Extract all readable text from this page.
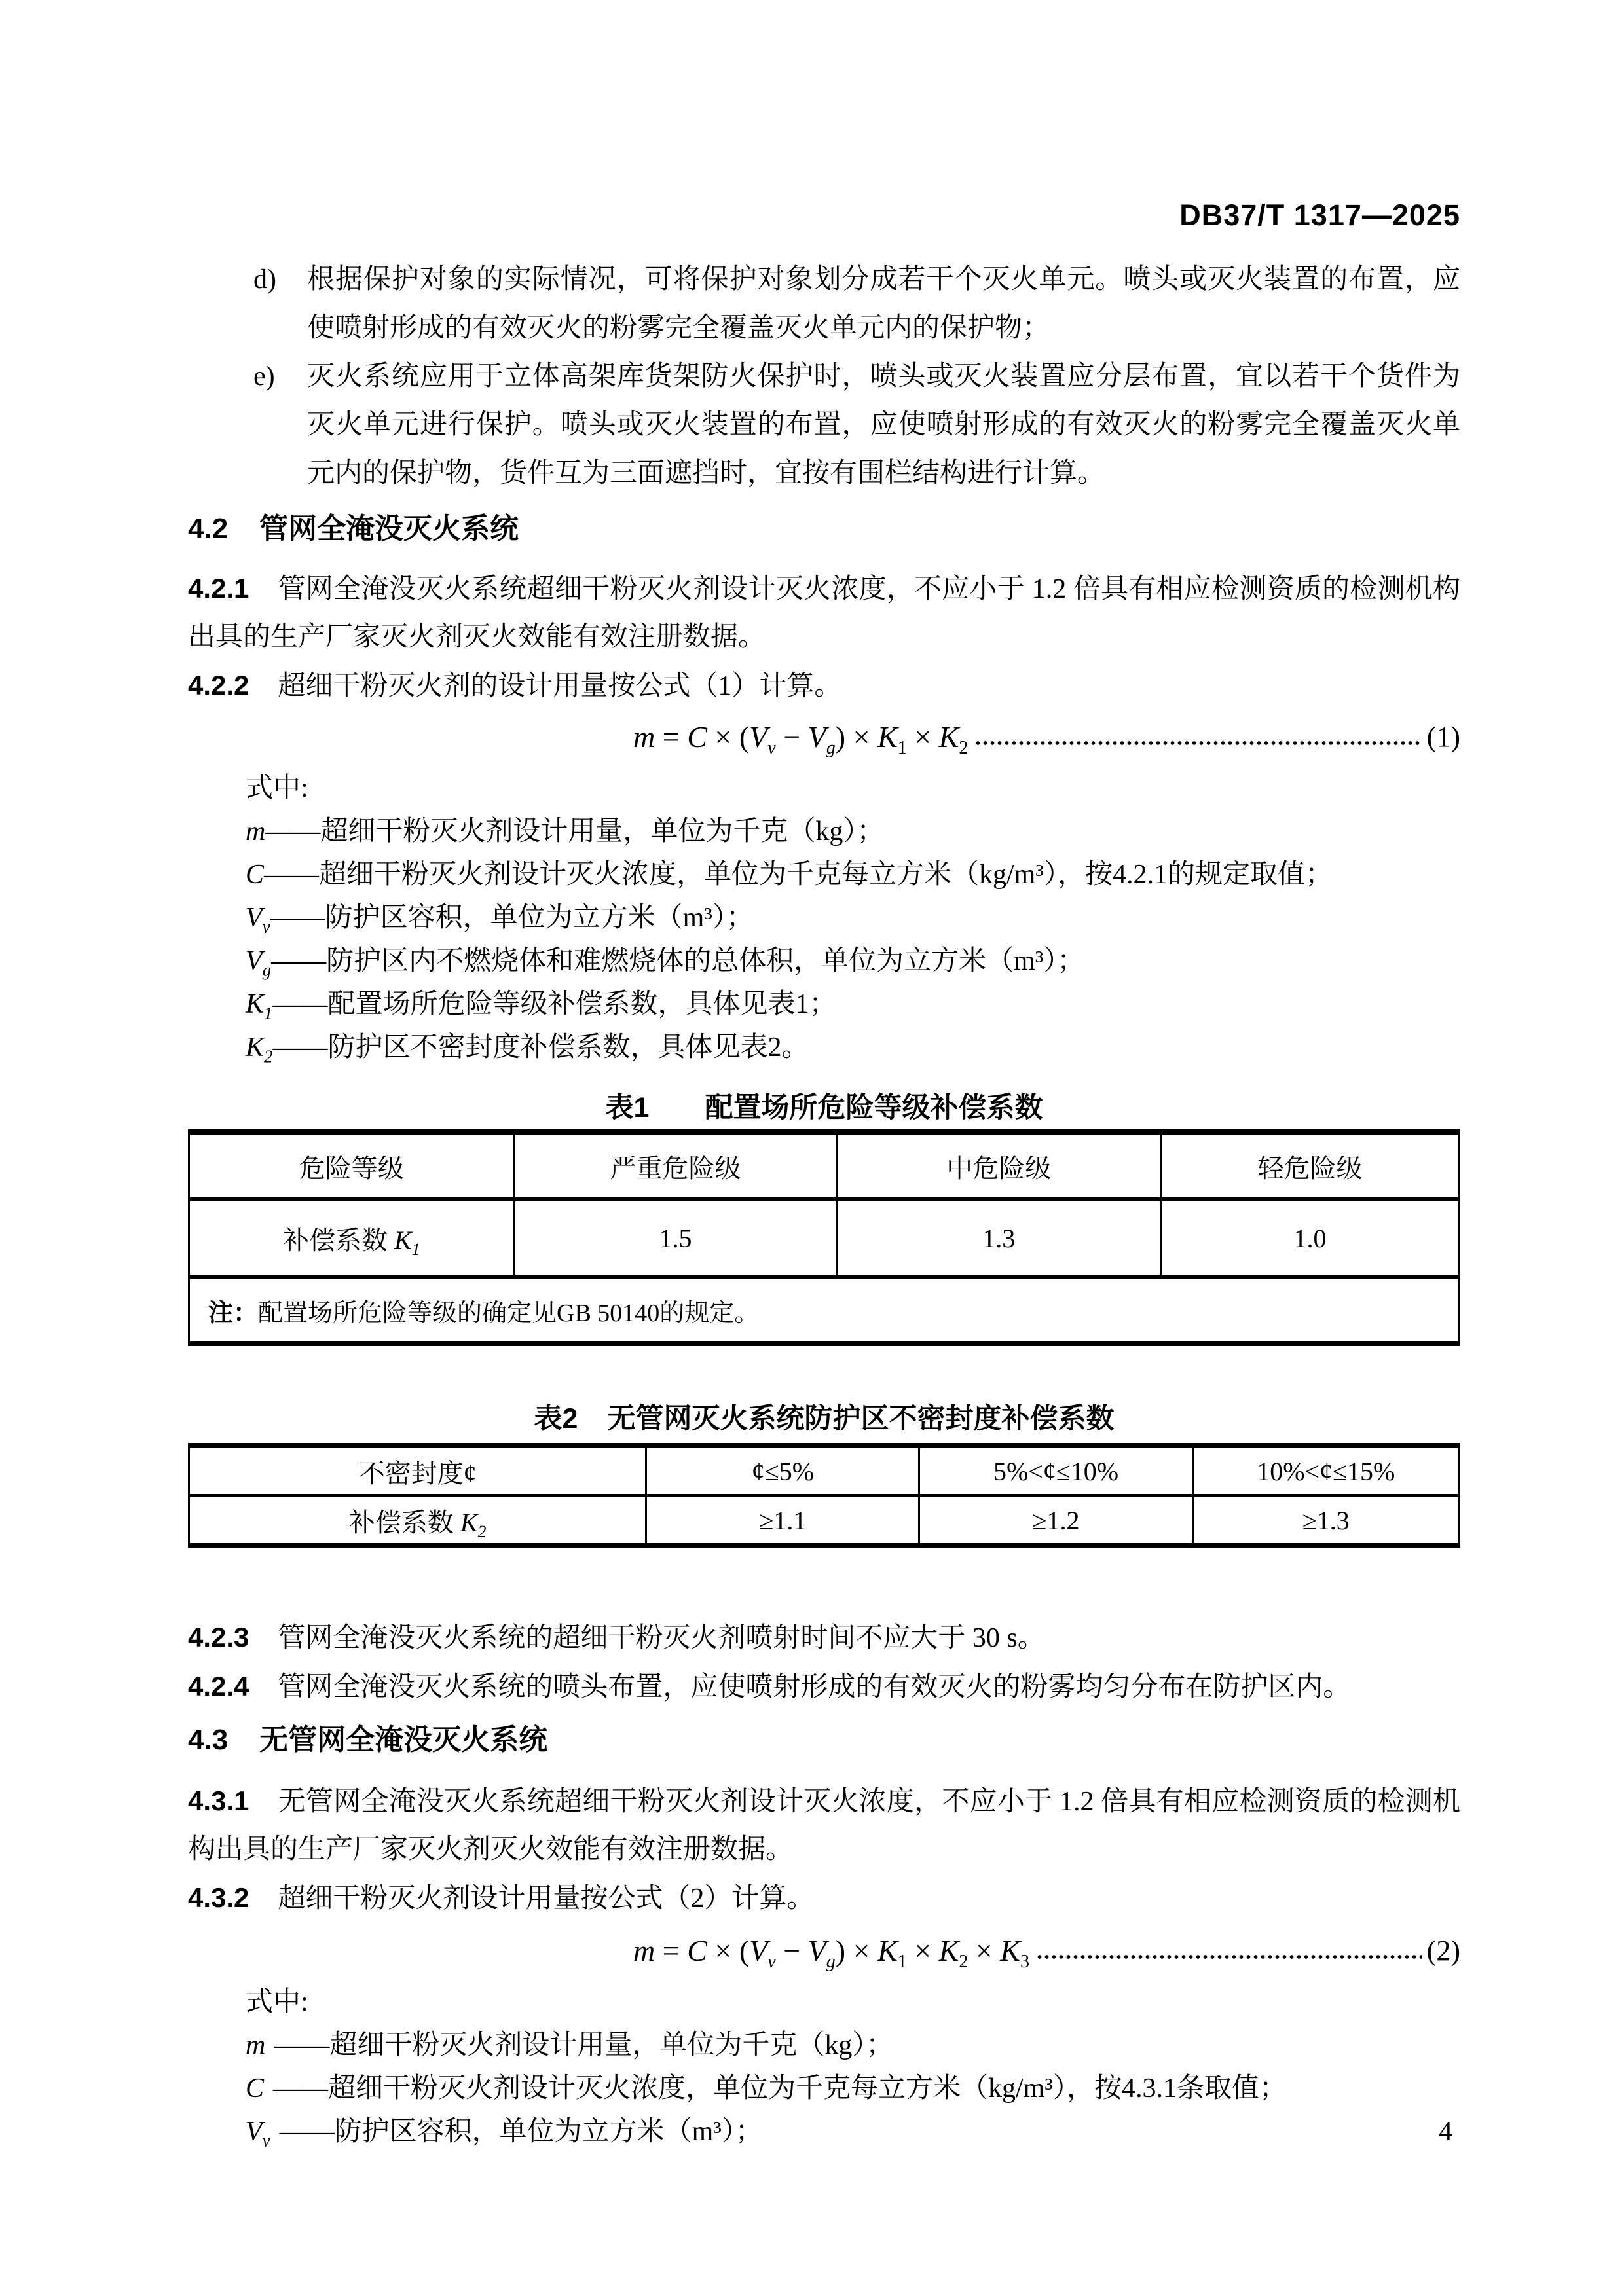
DB37/T 1317—2025
d)	根据保护对象的实际情况，可将保护对象划分成若干个灭火单元。喷头或灭火装置的布置，应使喷射形成的有效灭火的粉雾完全覆盖灭火单元内的保护物；
e)	灭火系统应用于立体高架库货架防火保护时，喷头或灭火装置应分层布置，宜以若干个货件为灭火单元进行保护。喷头或灭火装置的布置，应使喷射形成的有效灭火的粉雾完全覆盖灭火单元内的保护物，货件互为三面遮挡时，宜按有围栏结构进行计算。
4.2 管网全淹没灭火系统

4.2.1 管网全淹没灭火系统超细干粉灭火剂设计灭火浓度，不应小于 1.2 倍具有相应检测资质的检测机构出具的生产厂家灭火剂灭火效能有效注册数据。

4.2.2 超细干粉灭火剂的设计用量按公式（1）计算。

$m = C \times (V_v - V_g) \times K_1 \times K_2$	(1)
式中:
m——超细干粉灭火剂设计用量，单位为千克（kg）；
C——超细干粉灭火剂设计灭火浓度，单位为千克每立方米（kg/m³），按4.2.1的规定取值；
$V_v——$防护区容积，单位为立方米（m³）；
$V_g——$防护区内不燃烧体和难燃烧体的总体积，单位为立方米（m³）；
$K_1——$配置场所危险等级补偿系数，具体见表1；
$K_2——$防护区不密封度补偿系数，具体见表2。
表1 配置场所危险等级补偿系数
危险等级	严重危险级	中危险级	轻危险级
补偿系数 $K_1$	1.5	1.3	1.0
注：配置场所危险等级的确定见GB 50140的规定。			
表2 无管网灭火系统防护区不密封度补偿系数
不密封度¢	¢≤5%	5%<¢≤10%	10%<¢≤15%
补偿系数 $K_2$	≥1.1	≥1.2	≥1.3

4.2.3 管网全淹没灭火系统的超细干粉灭火剂喷射时间不应大于 30 s。

4.2.4 管网全淹没灭火系统的喷头布置，应使喷射形成的有效灭火的粉雾均匀分布在防护区内。

4.3 无管网全淹没灭火系统

4.3.1 无管网全淹没灭火系统超细干粉灭火剂设计灭火浓度，不应小于 1.2 倍具有相应检测资质的检测机构出具的生产厂家灭火剂灭火效能有效注册数据。

4.3.2 超细干粉灭火剂设计用量按公式（2）计算。

$m = C \times (V_v - V_g) \times K_1 \times K_2 \times K_3$	(2)
式中:
m ——超细干粉灭火剂设计用量，单位为千克（kg）；
C ——超细干粉灭火剂设计灭火浓度，单位为千克每立方米（kg/m³），按4.3.1条取值；
$V_v$ ——防护区容积，单位为立方米（m³）；	4
